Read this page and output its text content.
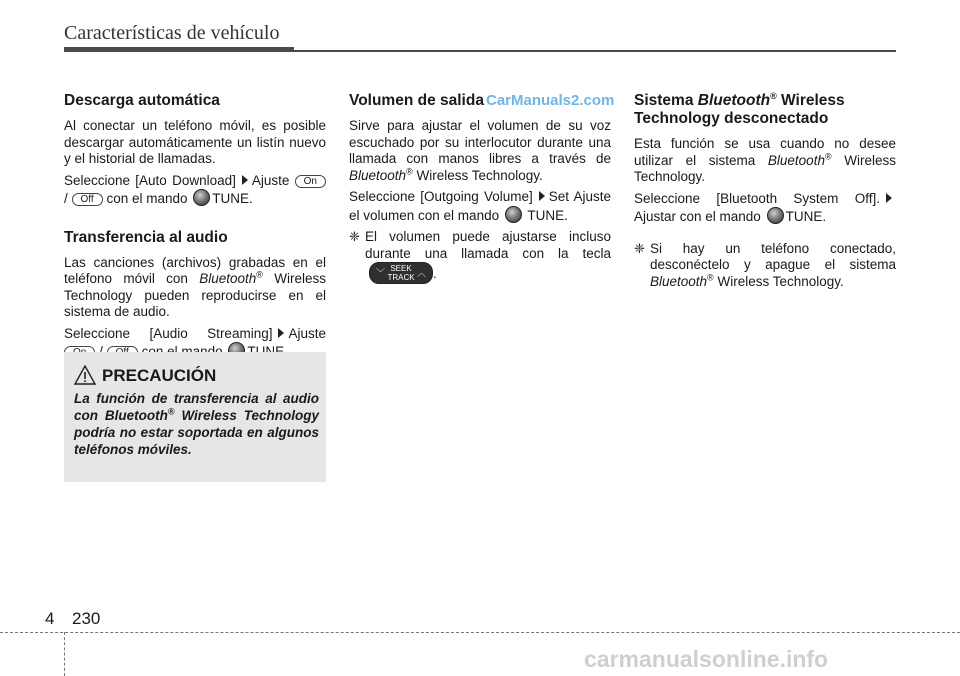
Características de vehículo
Descarga automática

Al conectar un teléfono móvil, es posible descargar automáticamente un listín nuevo y el historial de llamadas.

Seleccione [Auto Download] Ajuste On / Off con el mando TUNE.

Transferencia al audio

Las canciones (archivos) grabadas en el teléfono móvil con Bluetooth® Wireless Technology pueden reproducirse en el sistema de audio.

Seleccione [Audio Streaming] Ajuste

PRECAUCIÓN
La función de transferencia al audio con Bluetooth® Wireless Technology podría no estar soportada en algunos teléfonos móviles.
Volumen de salida

Sirve para ajustar el volumen de su voz escuchado por su interlocutor durante una llamada con manos libres a través de Bluetooth® Wireless Technology.

Seleccione [Outgoing Volume] Set Ajuste el volumen con el mando TUNE.

❈ El volumen puede ajustarse incluso durante una llamada con la tecla
﹀ SEEK
TRACK ︿ .
Sistema Bluetooth® Wireless Technology desconectado

Esta función se usa cuando no desee utilizar el sistema Bluetooth® Wireless Technology.

Seleccione [Bluetooth System Off]. Ajustar con el mando TUNE.

❈ Si hay un teléfono conectado, desconéctelo y apague el sistema Bluetooth® Wireless Technology.
CarManuals2.com
carmanualsonline.info
4 230
